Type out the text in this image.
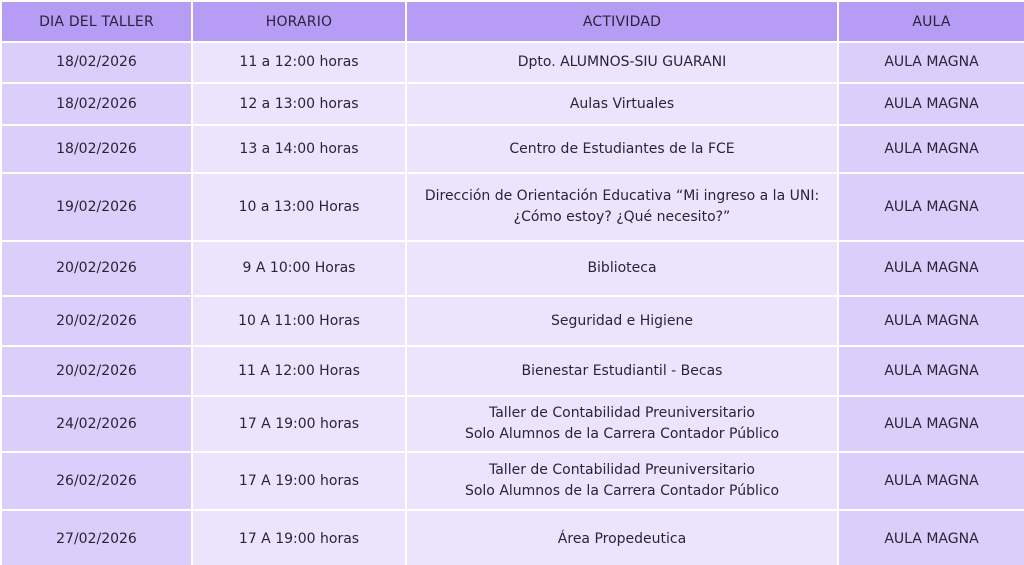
DIA DEL TALLER	HORARIO	ACTIVIDAD	AULA
18/02/2026	11 a 12:00 horas	Dpto. ALUMNOS-SIU GUARANI	AULA MAGNA
18/02/2026	12 a 13:00 horas	Aulas Virtuales	AULA MAGNA
18/02/2026	13 a 14:00 horas	Centro de Estudiantes de la FCE	AULA MAGNA
19/02/2026	10 a 13:00 Horas	Dirección de Orientación Educativa “Mi ingreso a la UNI:
¿Cómo estoy? ¿Qué necesito?”	AULA MAGNA
20/02/2026	9 A 10:00 Horas	Biblioteca	AULA MAGNA
20/02/2026	10 A 11:00 Horas	Seguridad e Higiene	AULA MAGNA
20/02/2026	11 A 12:00 Horas	Bienestar Estudiantil - Becas	AULA MAGNA
24/02/2026	17 A 19:00 horas	Taller de Contabilidad Preuniversitario
Solo Alumnos de la Carrera Contador Público	AULA MAGNA
26/02/2026	17 A 19:00 horas	Taller de Contabilidad Preuniversitario
Solo Alumnos de la Carrera Contador Público	AULA MAGNA
27/02/2026	17 A 19:00 horas	Área Propedeutica	AULA MAGNA
